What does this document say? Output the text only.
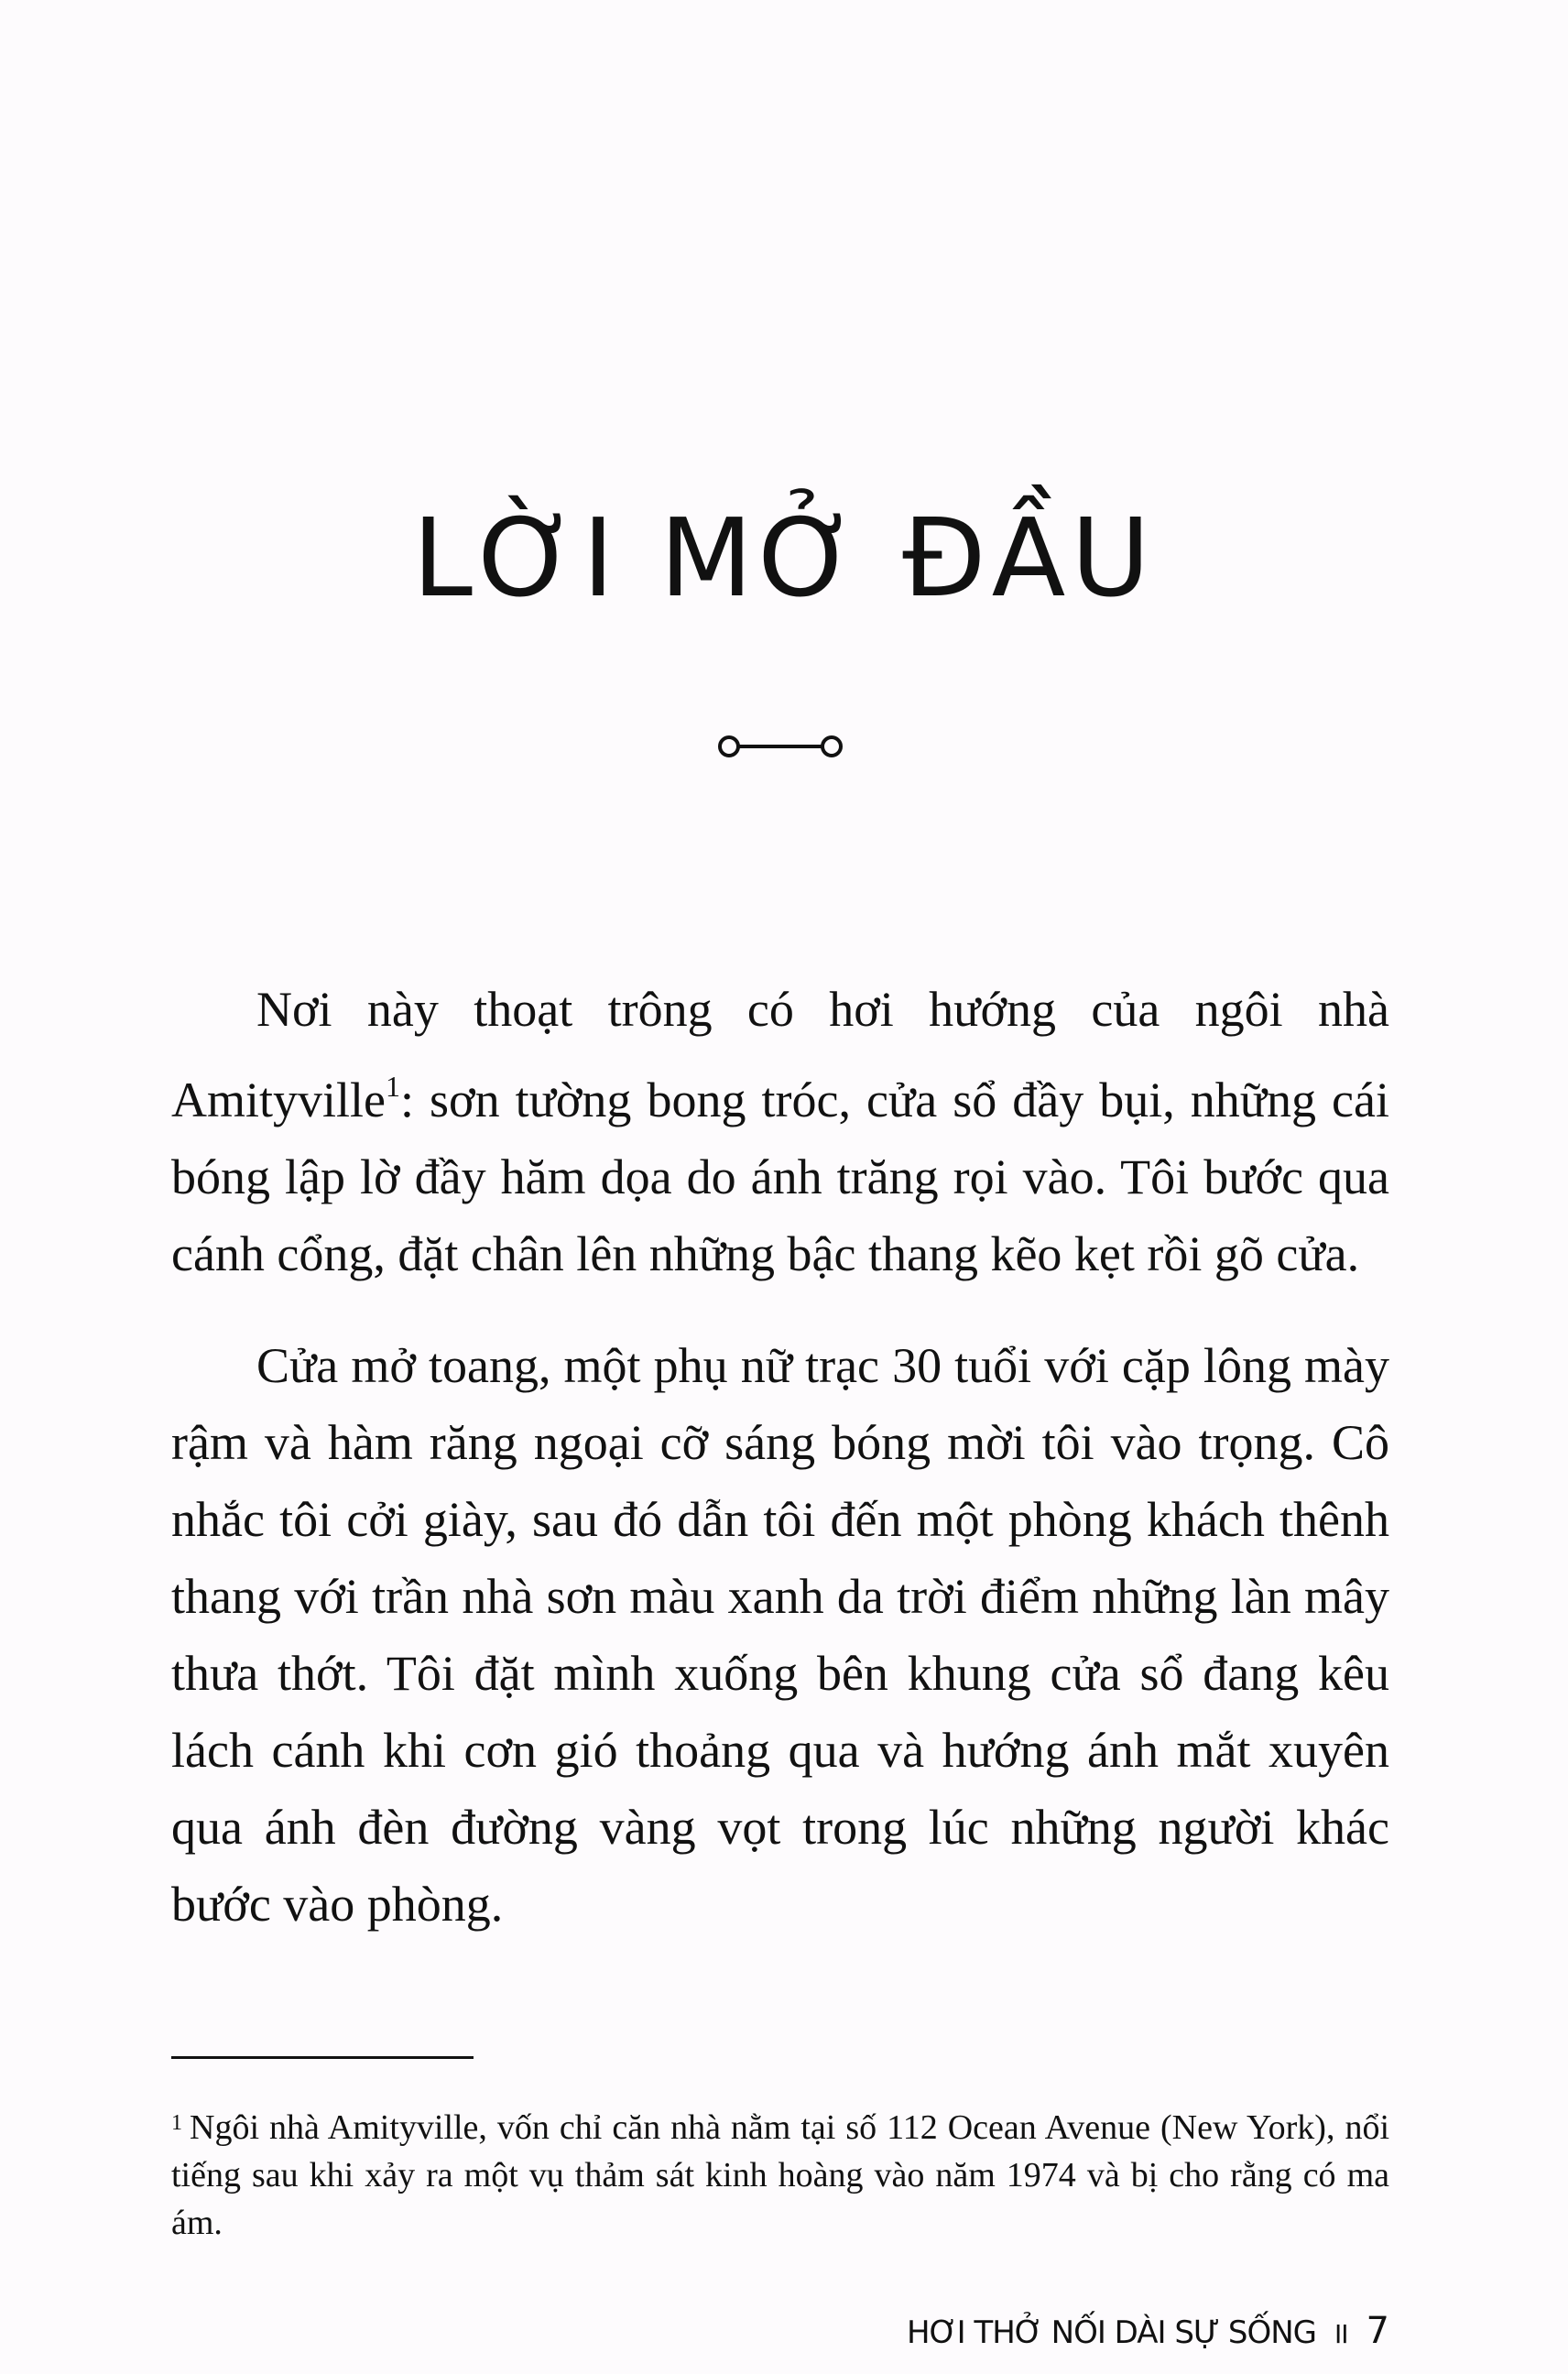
LỜI MỞ ĐẦU

Nơi này thoạt trông có hơi hướng của ngôi nhà Amityville$^1$: sơn tường bong tróc, cửa sổ đầy bụi, những cái bóng lập lờ đầy hăm dọa do ánh trăng rọi vào. Tôi bước qua cánh cổng, đặt chân lên những bậc thang kẽo kẹt rồi gõ cửa.

Cửa mở toang, một phụ nữ trạc 30 tuổi với cặp lông mày rậm và hàm răng ngoại cỡ sáng bóng mời tôi vào trọng. Cô nhắc tôi cởi giày, sau đó dẫn tôi đến một phòng khách thênh thang với trần nhà sơn màu xanh da trời điểm những làn mây thưa thớt. Tôi đặt mình xuống bên khung cửa sổ đang kêu lách cánh khi cơn gió thoảng qua và hướng ánh mắt xuyên qua ánh đèn đường vàng vọt trong lúc những người khác bước vào phòng.

$^1$ Ngôi nhà Amityville, vốn chỉ căn nhà nằm tại số 112 Ocean Avenue (New York), nổi tiếng sau khi xảy ra một vụ thảm sát kinh hoàng vào năm 1974 và bị cho rằng có ma ám.
HƠI THỞ NỐI DÀI SỰ SỐNG II 7
